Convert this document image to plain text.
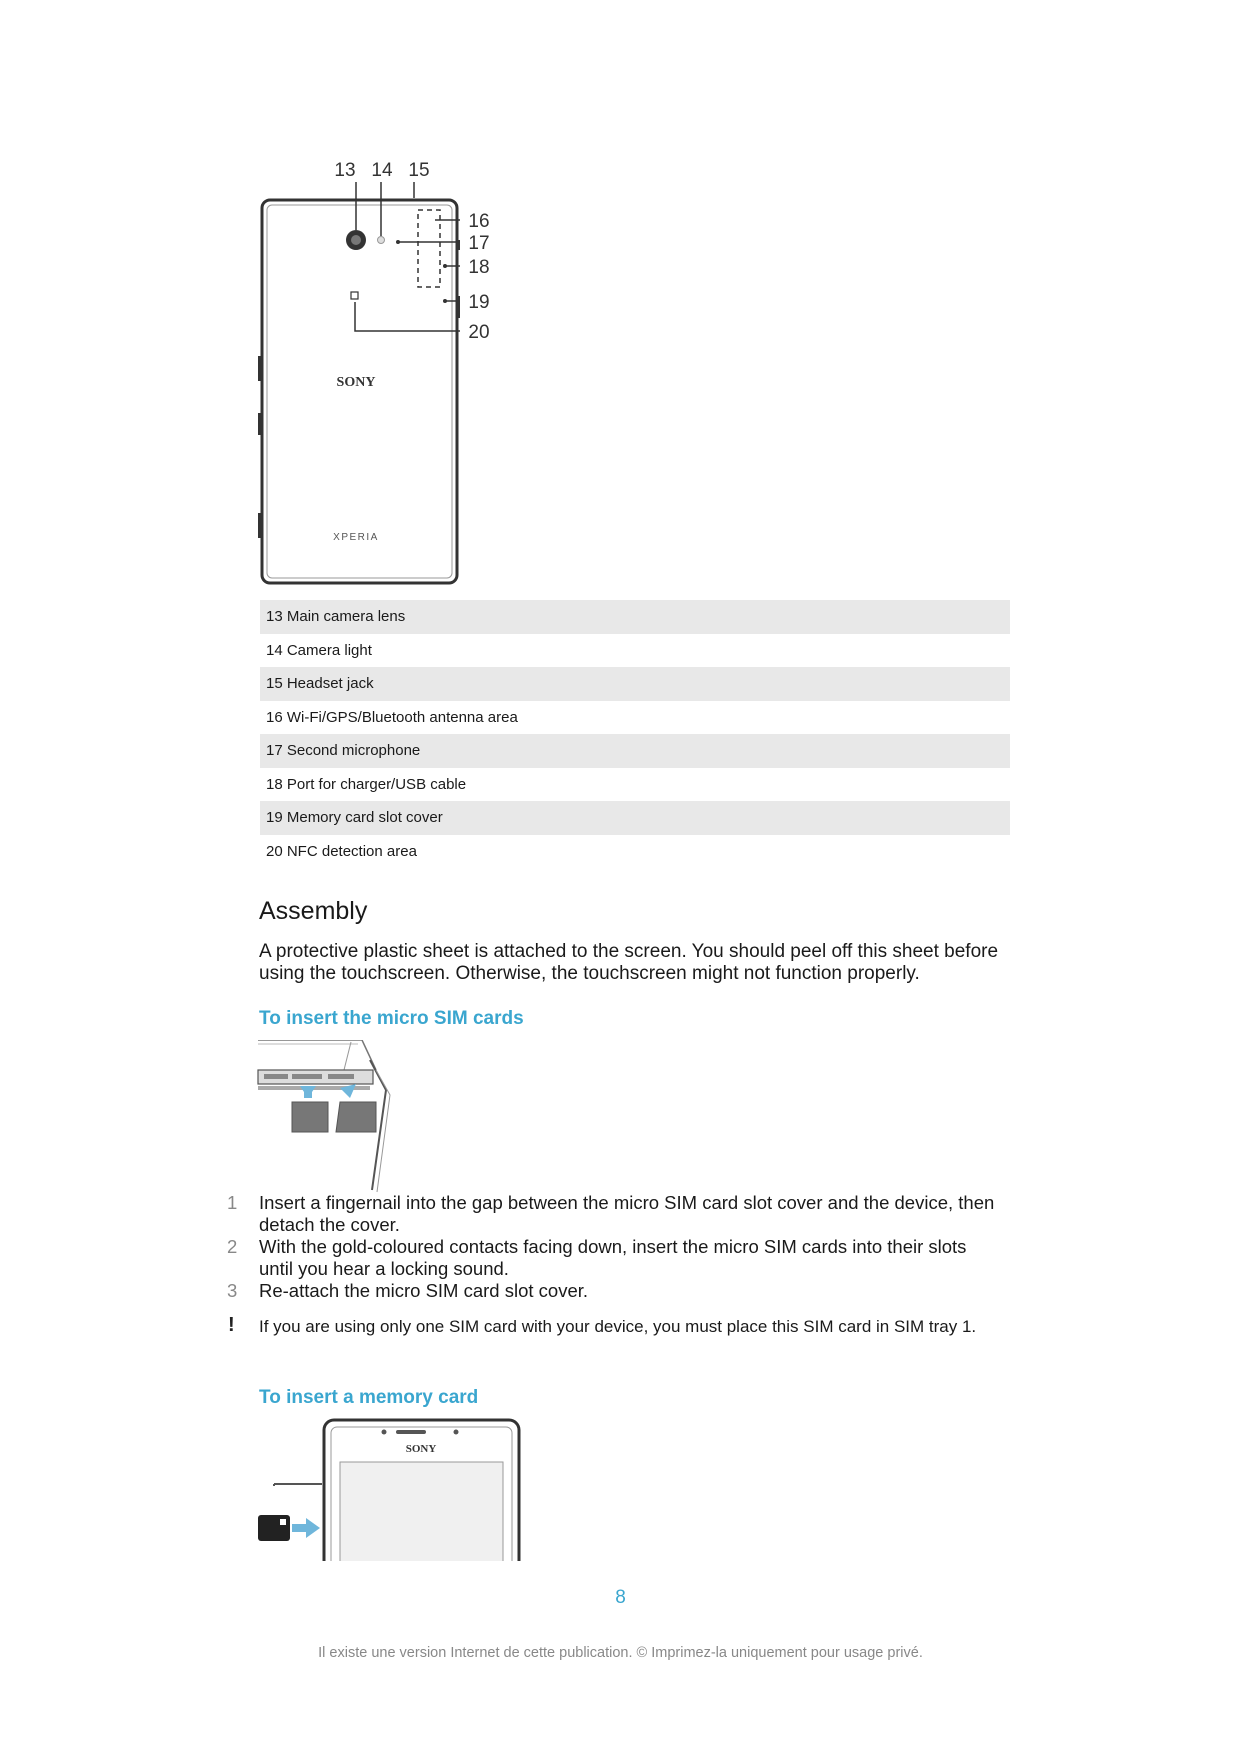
13 14 15
16
17
18
19
20
SONY
XPERIA
13 Main camera lens
14 Camera light
15 Headset jack
16 Wi-Fi/GPS/Bluetooth antenna area
17 Second microphone
18 Port for charger/USB cable
19 Memory card slot cover
20 NFC detection area
Assembly

A protective plastic sheet is attached to the screen. You should peel off this sheet before using the touchscreen. Otherwise, the touchscreen might not function properly.

To insert the micro SIM cards
1 Insert a fingernail into the gap between the micro SIM card slot cover and the device, then detach the cover.
2 With the gold-coloured contacts facing down, insert the micro SIM cards into their slots until you hear a locking sound.
3 Re-attach the micro SIM card slot cover.
!	If you are using only one SIM card with your device, you must place this SIM card in SIM tray 1.
To insert a memory card
SONY
8
Il existe une version Internet de cette publication. © Imprimez-la uniquement pour usage privé.
